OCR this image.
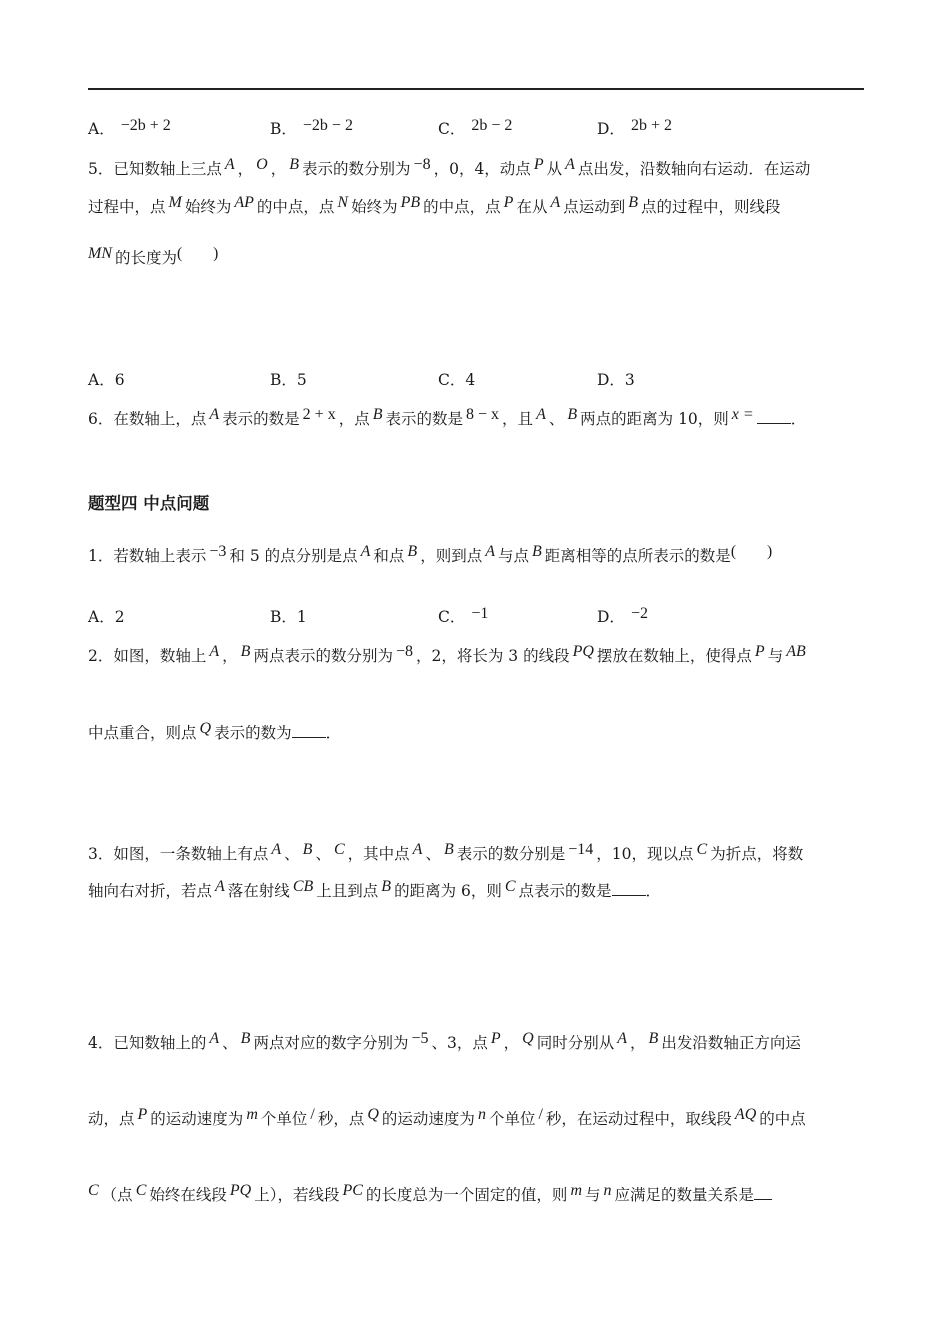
A． −2b + 2	B． −2b − 2	C． 2b − 2	D． 2b + 2
5．已知数轴上三点 A ， O ， B 表示的数分别为 −8 ，0，4，动点 P 从 A 点出发，沿数轴向右运动．在运动
过程中，点 M 始终为 AP 的中点，点 N 始终为 PB 的中点，点 P 在从 A 点运动到 B 点的过程中，则线段
MN 的长度为(　　)
A．6	B．5	C．4	D．3
6．在数轴上，点 A 表示的数是 2 + x ，点 B 表示的数是 8 − x ，且 A 、 B 两点的距离为 10，则 x = ．
题型四 中点问题
1．若数轴上表示 −3 和 5 的点分别是点 A 和点 B ，则到点 A 与点 B 距离相等的点所表示的数是(　　)
A．2	B．1	C． −1	D． −2
2．如图，数轴上 A ， B 两点表示的数分别为 −8 ，2，将长为 3 的线段 PQ 摆放在数轴上，使得点 P 与 AB
中点重合，则点 Q 表示的数为 ．
3．如图，一条数轴上有点 A 、 B 、 C ，其中点 A 、 B 表示的数分别是 −14 ，10，现以点 C 为折点，将数
轴向右对折，若点 A 落在射线 CB 上且到点 B 的距离为 6，则 C 点表示的数是 ．
4．已知数轴上的 A 、 B 两点对应的数字分别为 −5 、3，点 P ， Q 同时分别从 A ， B 出发沿数轴正方向运
动，点 P 的运动速度为 m 个单位 / 秒，点 Q 的运动速度为 n 个单位 / 秒，在运动过程中，取线段 AQ 的中点
C （点 C 始终在线段 PQ 上），若线段 PC 的长度总为一个固定的值，则 m 与 n 应满足的数量关系是
